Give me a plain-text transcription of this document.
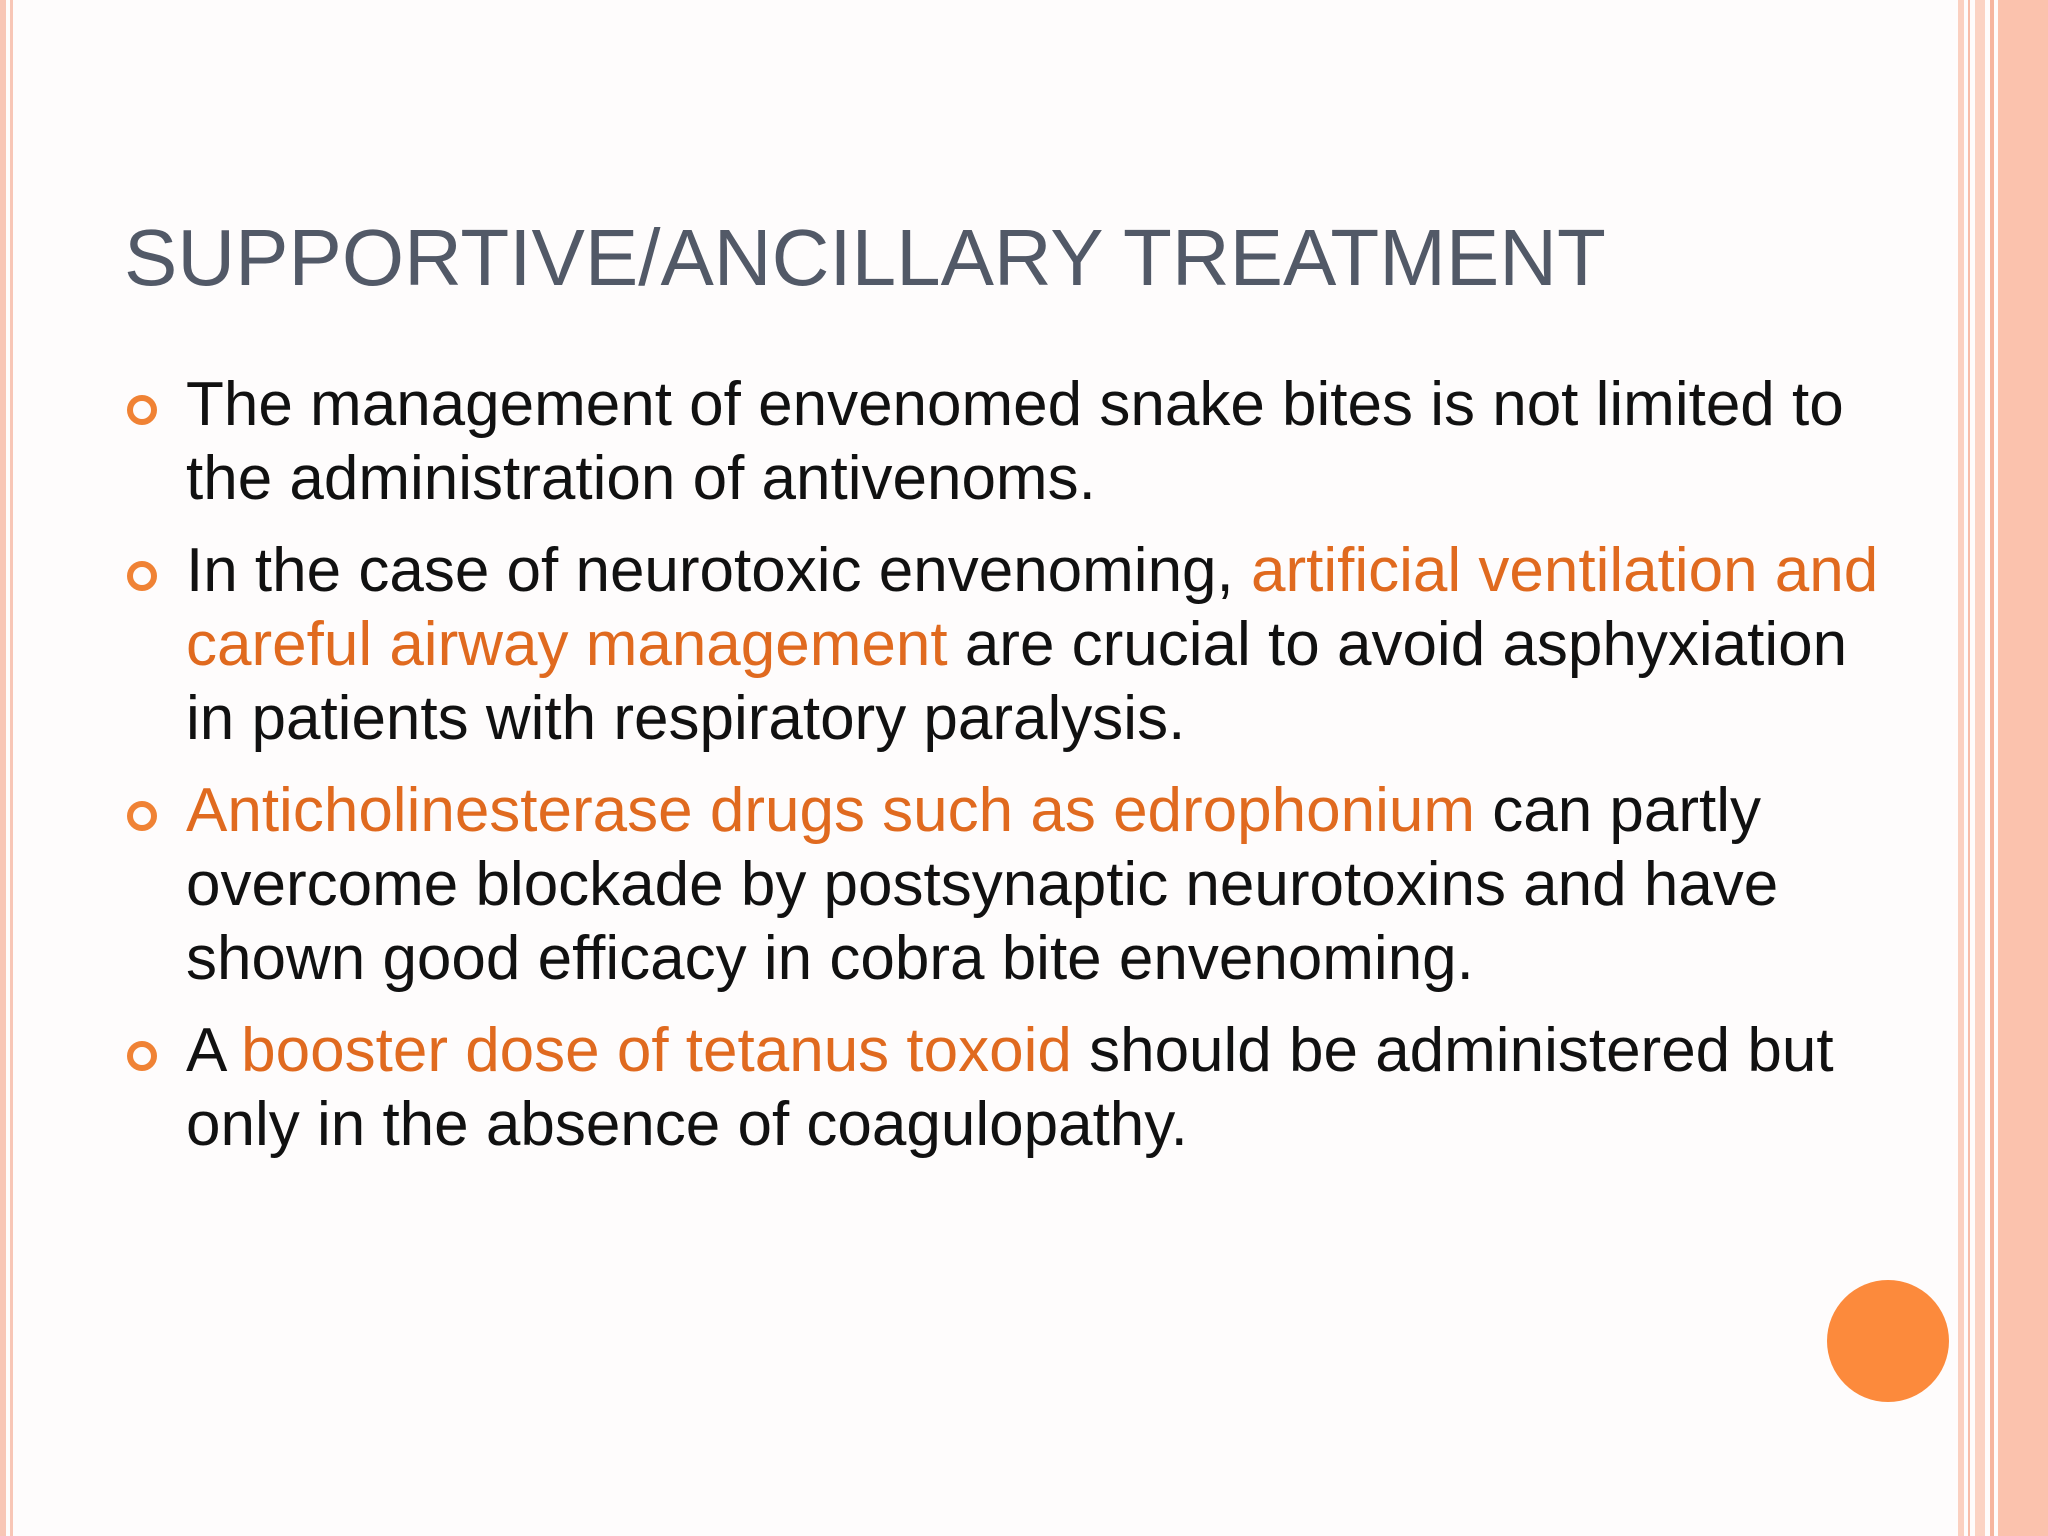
SUPPORTIVE/ANCILLARY TREATMENT
The management of envenomed snake bites is not limited to the administration of antivenoms.
In the case of neurotoxic envenoming, artificial ventilation and careful airway management are crucial to avoid asphyxiation in patients with respiratory paralysis.
Anticholinesterase drugs such as edrophonium can partly overcome blockade by postsynaptic neurotoxins and have shown good efficacy in cobra bite envenoming.
A booster dose of tetanus toxoid should be administered but only in the absence of coagulopathy.
